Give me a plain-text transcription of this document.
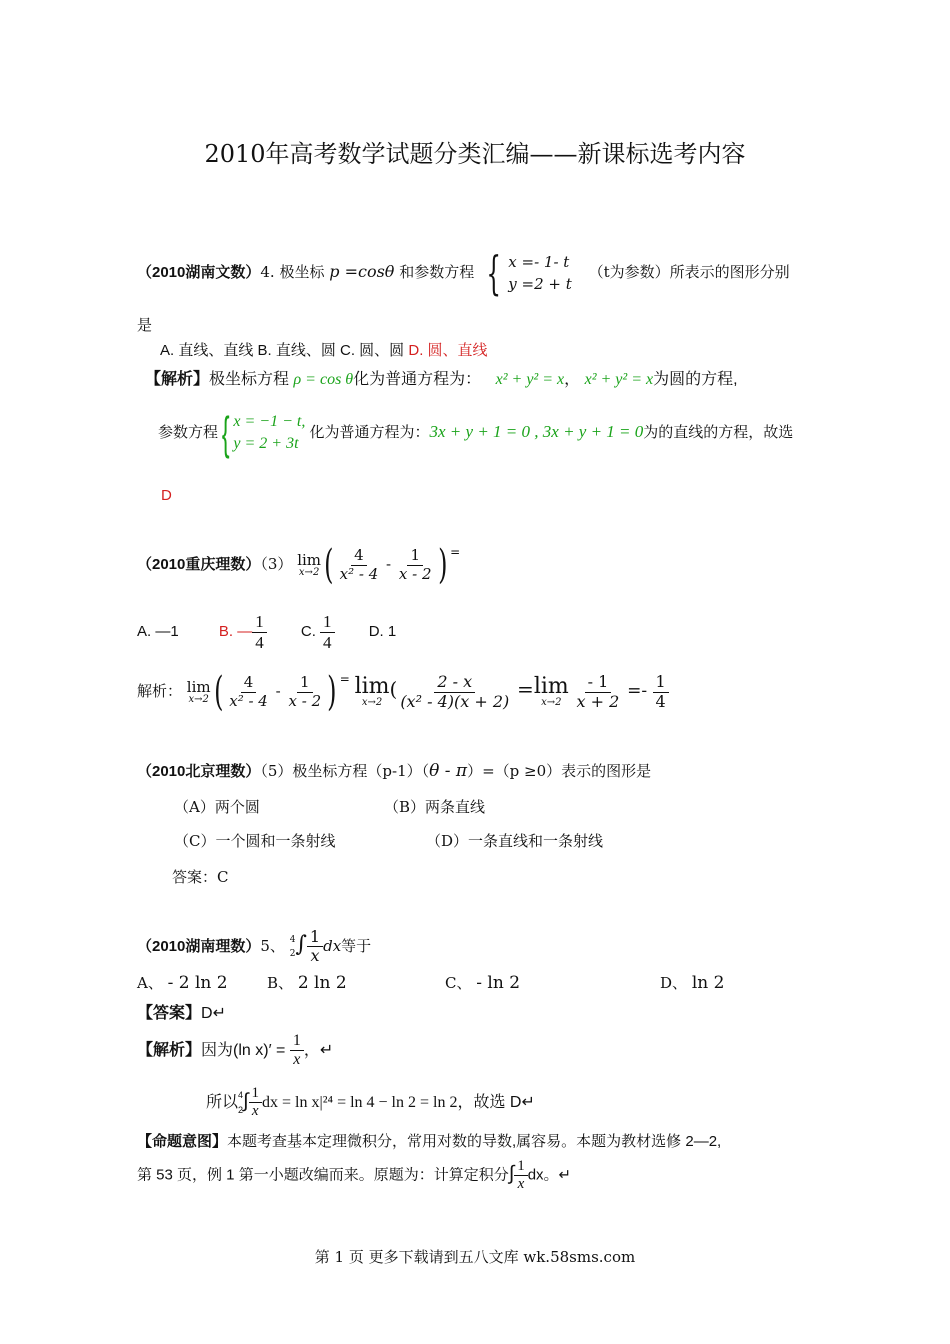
2010年高考数学试题分类汇编——新课标选考内容
（2010湖南文数）4. 极坐标 p =cosθ 和参数方程 { x =- 1- t
y =2 + t
（t为参数）所表示的图形分别
是
A. 直线、直线 B. 直线、圆 C. 圆、圆 D. 圆、直线
【解析】极坐标方程 ρ = cos θ化为普通方程为： x² + y² = x， x² + y² = x为圆的方程,
参数方程{ x = −1 − t,
y = 2 + 3t
化为普通方程为：3x + y + 1 = 0 , 3x + y + 1 = 0为的直线的方程，故选
D
（2010重庆理数）（3） lim
x→2 ( $\frac{4}{\text{x² - 4}} - \frac{1}{x - 2}$ ) =
A. —1	B. — $\frac{1}{4} C$. $\frac{1}{4} D$. 1
解析： lim
x→2 ( $\frac{4}{\text{x² - 4}} - \frac{1}{x - 2}$ ) = lim
x→2
( $\frac{2 - x}{\text{(x² - 4)(x + 2)}} = \lim$
x→2
$\frac{- 1}{x + 2} =- \frac{1}{4}$
（2010北京理数）（5）极坐标方程（p-1）（θ - π）=（p ≥0）表示的图形是
（A）两个圆	（B）两条直线
（C）一个圆和一条射线	（D）一条直线和一条射线
答案：C
（2010湖南理数）5、 4
2 ∫ $\frac{1}{x}$ dx等于
A、 - 2 ln 2	B、 2 ln 2	C、 - ln 2	D、 ln 2
【答案】D↵
【解析】因为(ln $x)' = \frac{1}{x}$ ，↵
所以 4
2 ∫ $\frac{1}{x}$ dx = ln x|²⁴ = ln 4 − ln 2 = ln 2，故选 D↵
【命题意图】本题考查基本定理微积分，常用对数的导数,属容易。本题为教材选修 2—2,
第 53 页，例 1 第一小题改编而来。原题为：计算定积分∫ $\frac{1}{x}$ dx。↵
第 1 页 更多下载请到五八文库 wk.58sms.com
